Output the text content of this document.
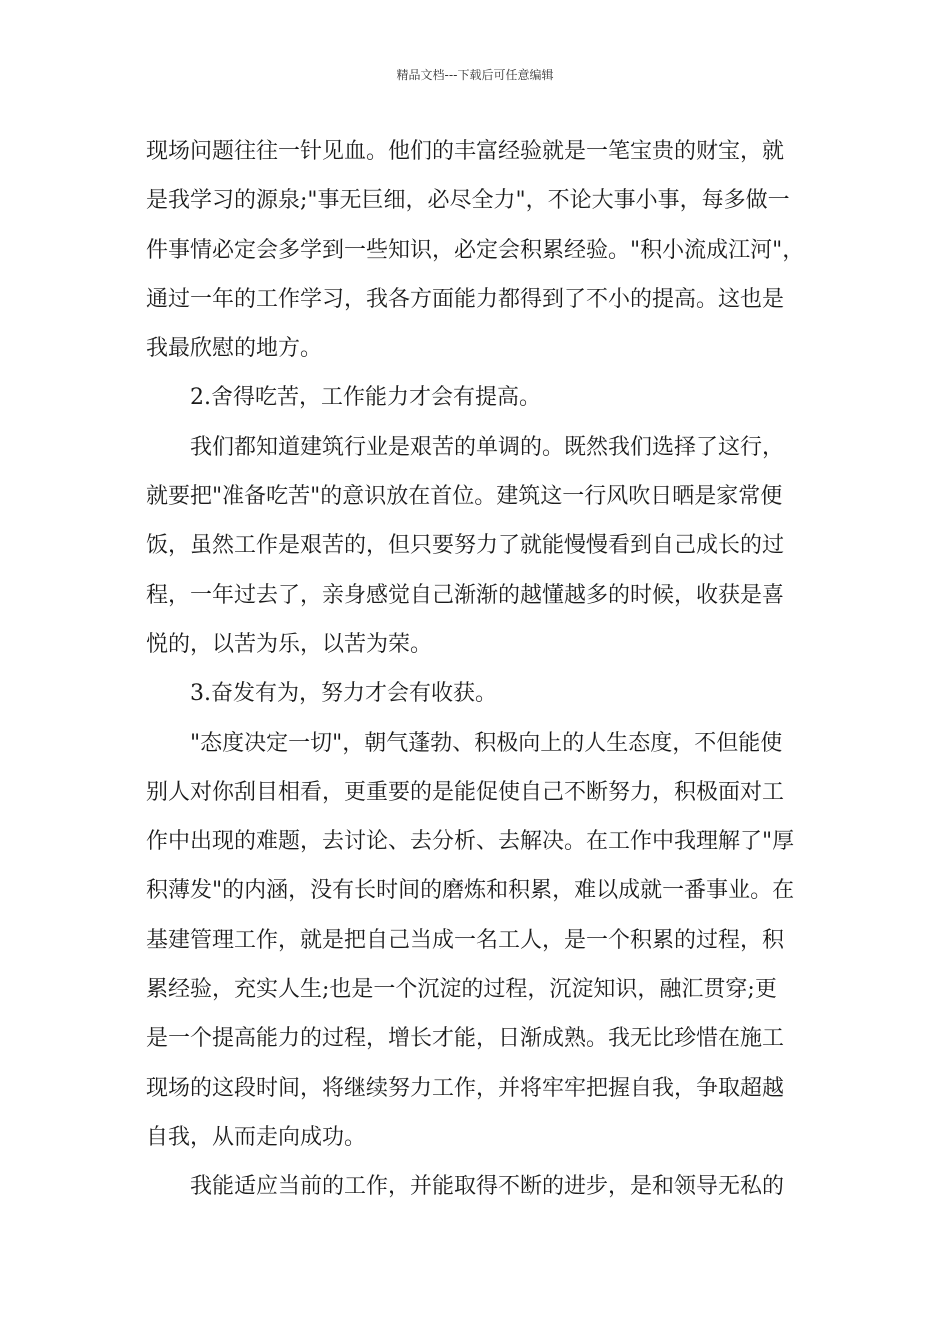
精品文档---下载后可任意编辑
现场问题往往一针见血。他们的丰富经验就是一笔宝贵的财宝，就
是我学习的源泉;"事无巨细，必尽全力"，不论大事小事，每多做一
件事情必定会多学到一些知识，必定会积累经验。"积小流成江河"，
通过一年的工作学习，我各方面能力都得到了不小的提高。这也是
我最欣慰的地方。
2.舍得吃苦，工作能力才会有提高。
我们都知道建筑行业是艰苦的单调的。既然我们选择了这行，
就要把"准备吃苦"的意识放在首位。建筑这一行风吹日晒是家常便
饭，虽然工作是艰苦的，但只要努力了就能慢慢看到自己成长的过
程，一年过去了，亲身感觉自己渐渐的越懂越多的时候，收获是喜
悦的，以苦为乐，以苦为荣。
3.奋发有为，努力才会有收获。
"态度决定一切"，朝气蓬勃、积极向上的人生态度，不但能使
别人对你刮目相看，更重要的是能促使自己不断努力，积极面对工
作中出现的难题，去讨论、去分析、去解决。在工作中我理解了"厚
积薄发"的内涵，没有长时间的磨炼和积累，难以成就一番事业。在
基建管理工作，就是把自己当成一名工人，是一个积累的过程，积
累经验，充实人生;也是一个沉淀的过程，沉淀知识，融汇贯穿;更
是一个提高能力的过程，增长才能，日渐成熟。我无比珍惜在施工
现场的这段时间，将继续努力工作，并将牢牢把握自我，争取超越
自我，从而走向成功。
我能适应当前的工作，并能取得不断的进步，是和领导无私的
